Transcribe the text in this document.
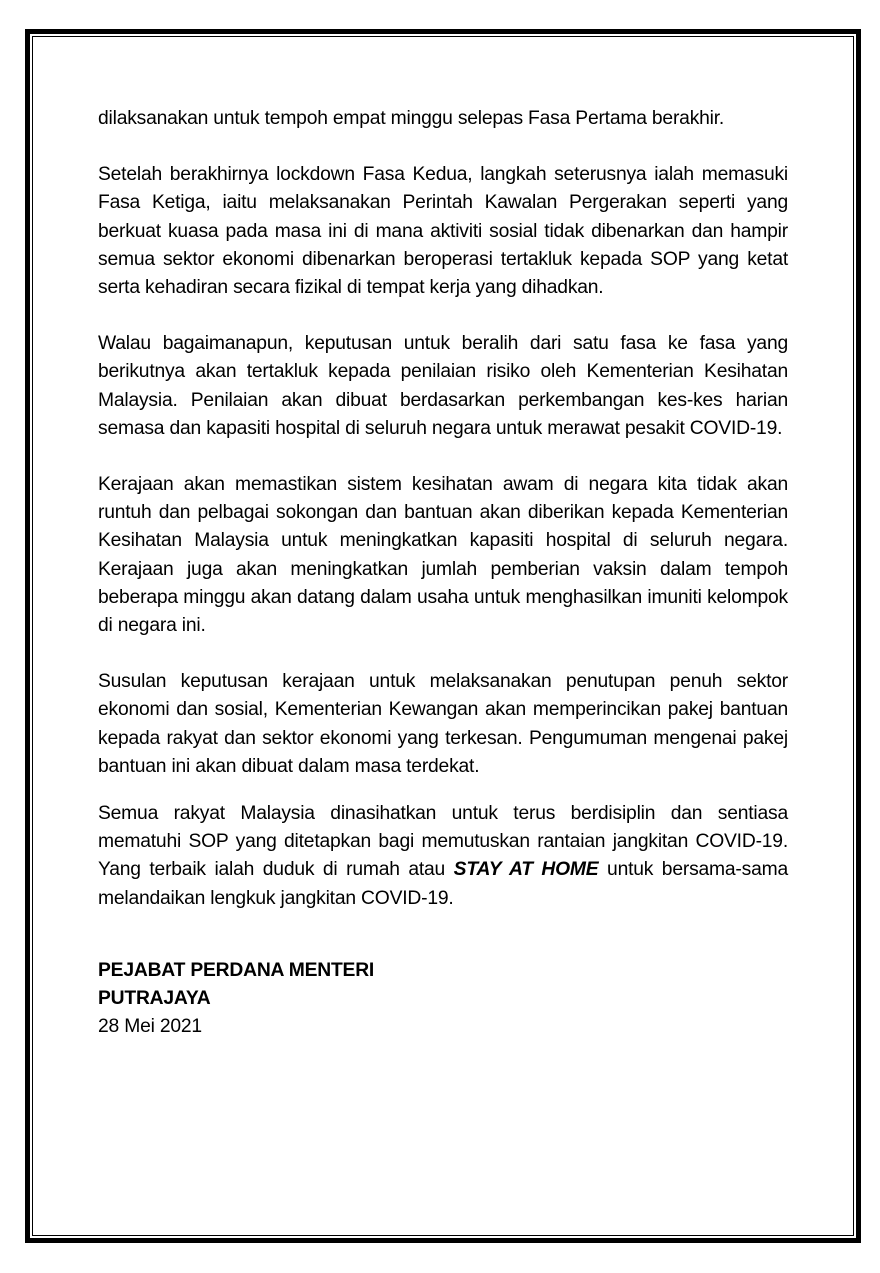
dilaksanakan untuk tempoh empat minggu selepas Fasa Pertama berakhir.

Setelah berakhirnya lockdown Fasa Kedua, langkah seterusnya ialah memasuki Fasa Ketiga, iaitu melaksanakan Perintah Kawalan Pergerakan seperti yang berkuat kuasa pada masa ini di mana aktiviti sosial tidak dibenarkan dan hampir semua sektor ekonomi dibenarkan beroperasi tertakluk kepada SOP yang ketat serta kehadiran secara fizikal di tempat kerja yang dihadkan.

Walau bagaimanapun, keputusan untuk beralih dari satu fasa ke fasa yang berikutnya akan tertakluk kepada penilaian risiko oleh Kementerian Kesihatan Malaysia. Penilaian akan dibuat berdasarkan perkembangan kes-kes harian semasa dan kapasiti hospital di seluruh negara untuk merawat pesakit COVID-19.

Kerajaan akan memastikan sistem kesihatan awam di negara kita tidak akan runtuh dan pelbagai sokongan dan bantuan akan diberikan kepada Kementerian Kesihatan Malaysia untuk meningkatkan kapasiti hospital di seluruh negara. Kerajaan juga akan meningkatkan jumlah pemberian vaksin dalam tempoh beberapa minggu akan datang dalam usaha untuk menghasilkan imuniti kelompok di negara ini.

Susulan keputusan kerajaan untuk melaksanakan penutupan penuh sektor ekonomi dan sosial, Kementerian Kewangan akan memperincikan pakej bantuan kepada rakyat dan sektor ekonomi yang terkesan. Pengumuman mengenai pakej bantuan ini akan dibuat dalam masa terdekat.

Semua rakyat Malaysia dinasihatkan untuk terus berdisiplin dan sentiasa mematuhi SOP yang ditetapkan bagi memutuskan rantaian jangkitan COVID-19. Yang terbaik ialah duduk di rumah atau STAY AT HOME untuk bersama-sama melandaikan lengkuk jangkitan COVID-19.

PEJABAT PERDANA MENTERI

PUTRAJAYA

28 Mei 2021
